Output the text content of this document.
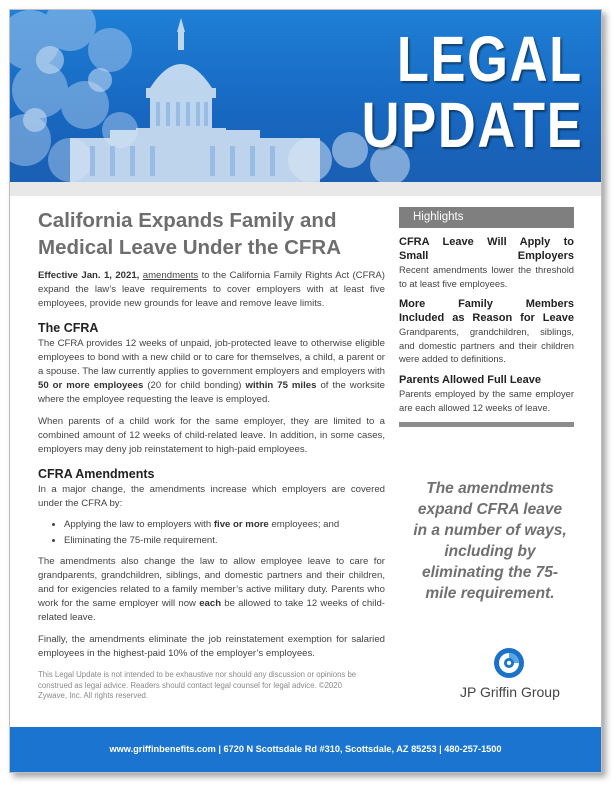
LEGAL
UPDATE
California Expands Family and
Medical Leave Under the CFRA

Effective Jan. 1, 2021, amendments to the California Family Rights Act (CFRA) expand the law’s leave requirements to cover employers with at least five employees, provide new grounds for leave and remove leave limits.

The CFRA

The CFRA provides 12 weeks of unpaid, job-protected leave to otherwise eligible employees to bond with a new child or to care for themselves, a child, a parent or a spouse. The law currently applies to government employers and employers with 50 or more employees (20 for child bonding) within 75 miles of the worksite where the employee requesting the leave is employed.

When parents of a child work for the same employer, they are limited to a combined amount of 12 weeks of child-related leave. In addition, in some cases, employers may deny job reinstatement to high-paid employees.

CFRA Amendments

In a major change, the amendments increase which employers are covered under the CFRA by:

• Applying the law to employers with five or more employees; and
• Eliminating the 75-mile requirement.

The amendments also change the law to allow employee leave to care for grandparents, grandchildren, siblings, and domestic partners and their children, and for exigencies related to a family member’s active military duty. Parents who work for the same employer will now each be allowed to take 12 weeks of child-related leave.

Finally, the amendments eliminate the job reinstatement exemption for salaried employees in the highest-paid 10% of the employer’s employees.

This Legal Update is not intended to be exhaustive nor should any discussion or opinions be construed as legal advice. Readers should contact legal counsel for legal advice. ©2020 Zywave, Inc. All rights reserved.
Highlights
CFRA Leave Will Apply to
Small Employers

Recent amendments lower the threshold to at least five employees.

More Family Members
Included as Reason for Leave

Grandparents, grandchildren, siblings, and domestic partners and their children were added to definitions.

Parents Allowed Full Leave

Parents employed by the same employer are each allowed 12 weeks of leave.

The amendments expand CFRA leave in a number of ways, including by eliminating the 75-mile requirement.
JP Griffin Group
www.griffinbenefits.com | 6720 N Scottsdale Rd #310, Scottsdale, AZ 85253 | 480-257-1500
